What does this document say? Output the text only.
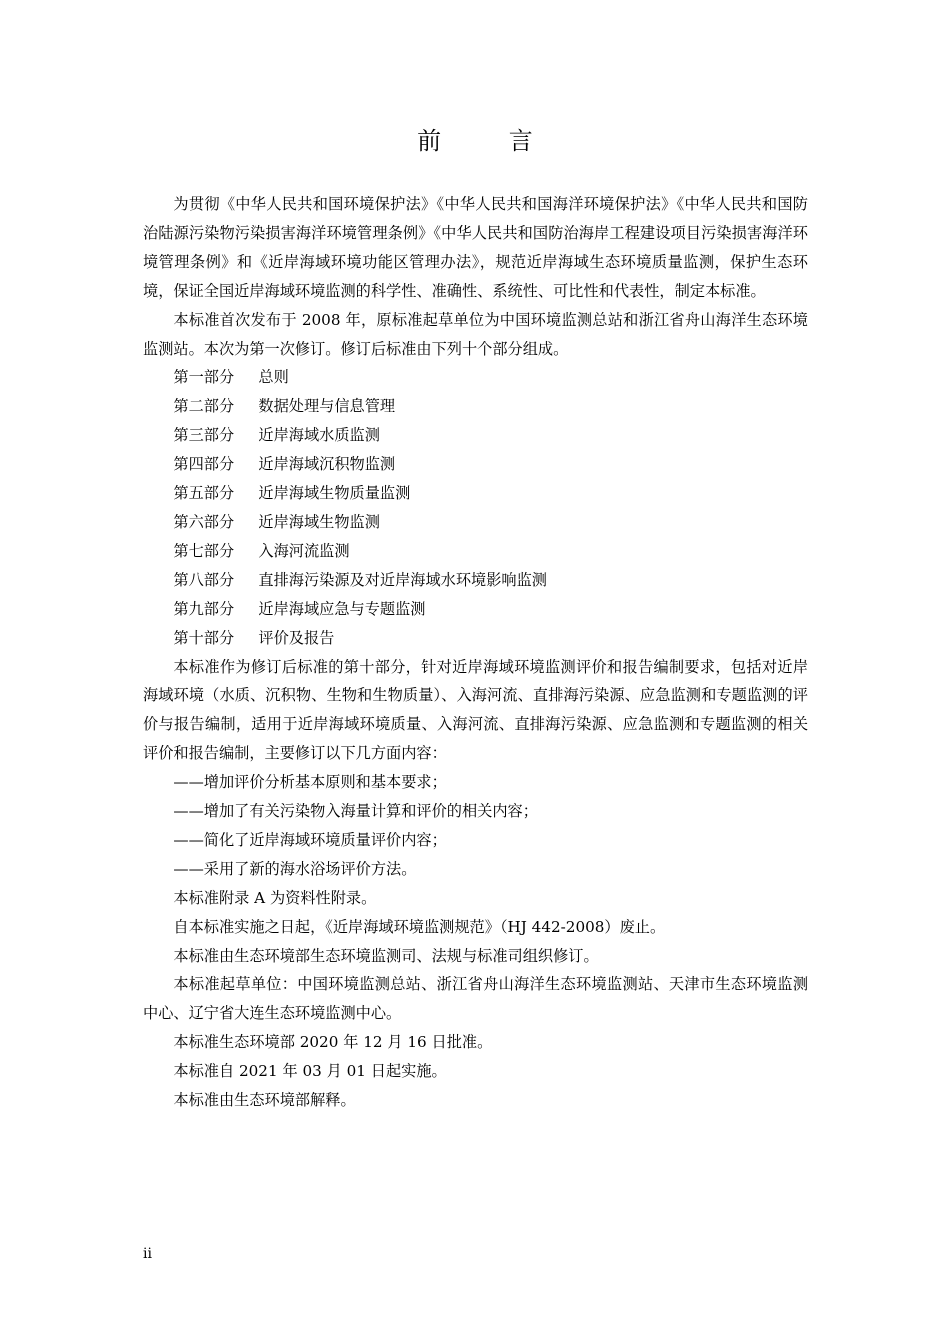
前 言

为贯彻《中华人民共和国环境保护法》《中华人民共和国海洋环境保护法》《中华人民共和国防治陆源污染物污染损害海洋环境管理条例》《中华人民共和国防治海岸工程建设项目污染损害海洋环境管理条例》和《近岸海域环境功能区管理办法》，规范近岸海域生态环境质量监测，保护生态环境，保证全国近岸海域环境监测的科学性、准确性、系统性、可比性和代表性，制定本标准。

本标准首次发布于 2008 年，原标准起草单位为中国环境监测总站和浙江省舟山海洋生态环境监测站。本次为第一次修订。修订后标准由下列十个部分组成。

第一部分 总则

第二部分 数据处理与信息管理

第三部分 近岸海域水质监测

第四部分 近岸海域沉积物监测

第五部分 近岸海域生物质量监测

第六部分 近岸海域生物监测

第七部分 入海河流监测

第八部分 直排海污染源及对近岸海域水环境影响监测

第九部分 近岸海域应急与专题监测

第十部分 评价及报告

本标准作为修订后标准的第十部分，针对近岸海域环境监测评价和报告编制要求，包括对近岸海域环境（水质、沉积物、生物和生物质量）、入海河流、直排海污染源、应急监测和专题监测的评价与报告编制，适用于近岸海域环境质量、入海河流、直排海污染源、应急监测和专题监测的相关评价和报告编制，主要修订以下几方面内容：

——增加评价分析基本原则和基本要求；

——增加了有关污染物入海量计算和评价的相关内容；

——简化了近岸海域环境质量评价内容；

——采用了新的海水浴场评价方法。

本标准附录 A 为资料性附录。

自本标准实施之日起，《近岸海域环境监测规范》（HJ 442-2008）废止。

本标准由生态环境部生态环境监测司、法规与标准司组织修订。

本标准起草单位：中国环境监测总站、浙江省舟山海洋生态环境监测站、天津市生态环境监测中心、辽宁省大连生态环境监测中心。

本标准生态环境部 2020 年 12 月 16 日批准。

本标准自 2021 年 03 月 01 日起实施。

本标准由生态环境部解释。

ii
